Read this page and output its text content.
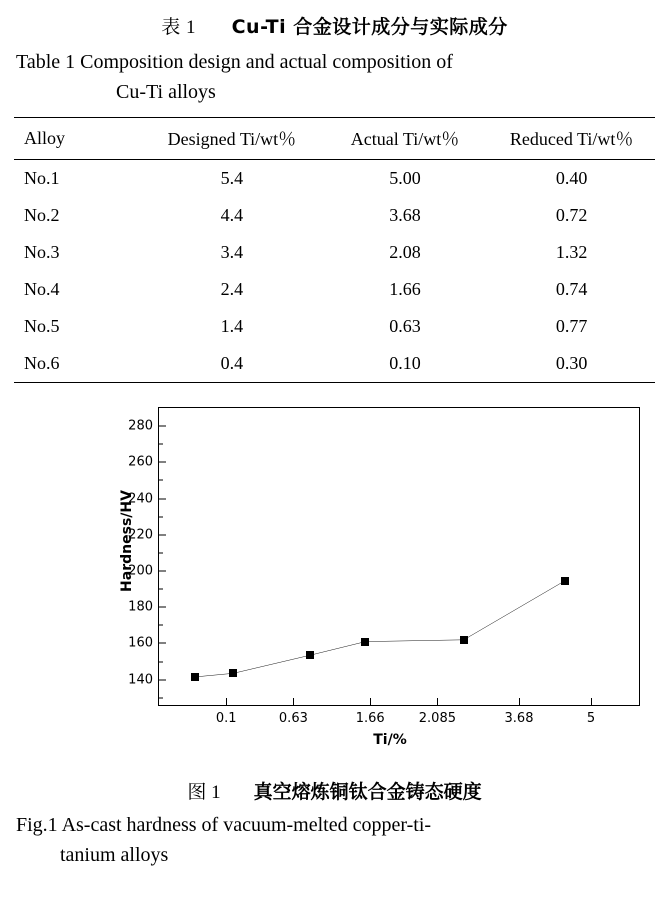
表 1 Cu-Ti 合金设计成分与实际成分
Table 1 Composition design and actual composition of
Cu-Ti alloys
Alloy	Designed Ti/wt％	Actual Ti/wt％	Reduced Ti/wt％
No.1	5.4	5.00	0.40
No.2	4.4	3.68	0.72
No.3	3.4	2.08	1.32
No.4	2.4	1.66	0.74
No.5	1.4	0.63	0.77
No.6	0.4	0.10	0.30
Hardness/HV
Ti/%
140
160
180
200
220
240
260
280
0.1	0.63	1.66	2.085	3.68	5
图 1 真空熔炼铜钛合金铸态硬度
Fig.1 As-cast hardness of vacuum-melted copper-ti-
tanium alloys
